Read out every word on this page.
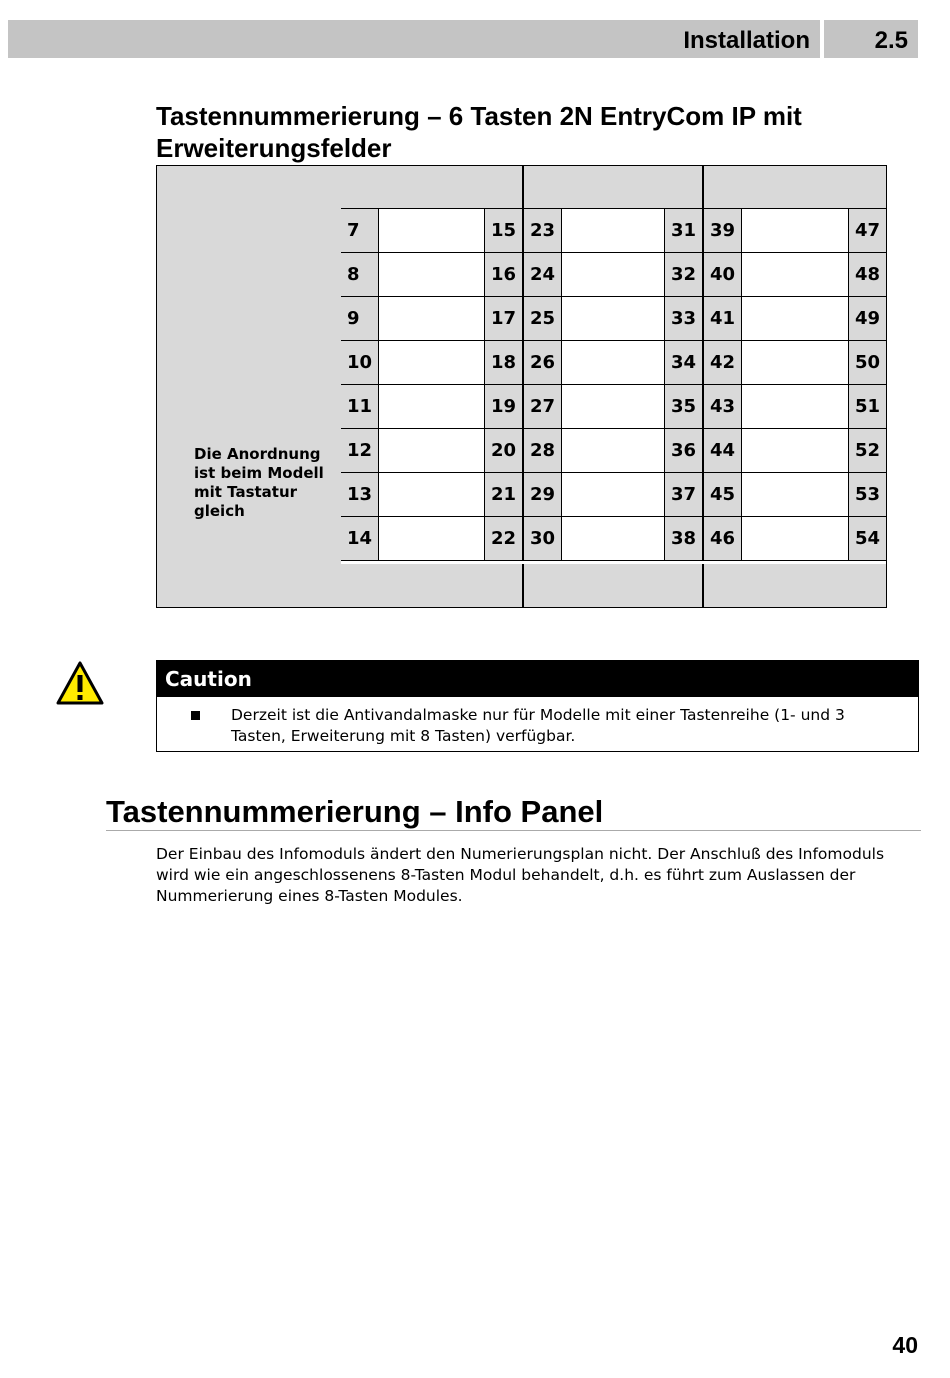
Installation	2.5
Tastennummerierung – 6 Tasten 2N EntryCom IP mit Erweiterungsfelder
54
46
53
45
52
44
51
43
50
42
49
41
48
40
47
39
38
30
37
29
36
28
35
27
34
26
33
25
32
24
31
23
22
14
21
13
20
12
19
11
18
10
17
9
16
8
15
7
Die Anordnung ist beim Modell mit Tastatur gleich
Caution
Derzeit ist die Antivandalmaske nur für Modelle mit einer Tastenreihe (1- und 3 Tasten, Erweiterung mit 8 Tasten) verfügbar.
Tastennummerierung – Info Panel
Der Einbau des Infomoduls ändert den Numerierungsplan nicht. Der Anschluß des Infomoduls wird wie ein angeschlossenens 8-Tasten Modul behandelt, d.h. es führt zum Auslassen der Nummerierung eines 8-Tasten Modules.
40
